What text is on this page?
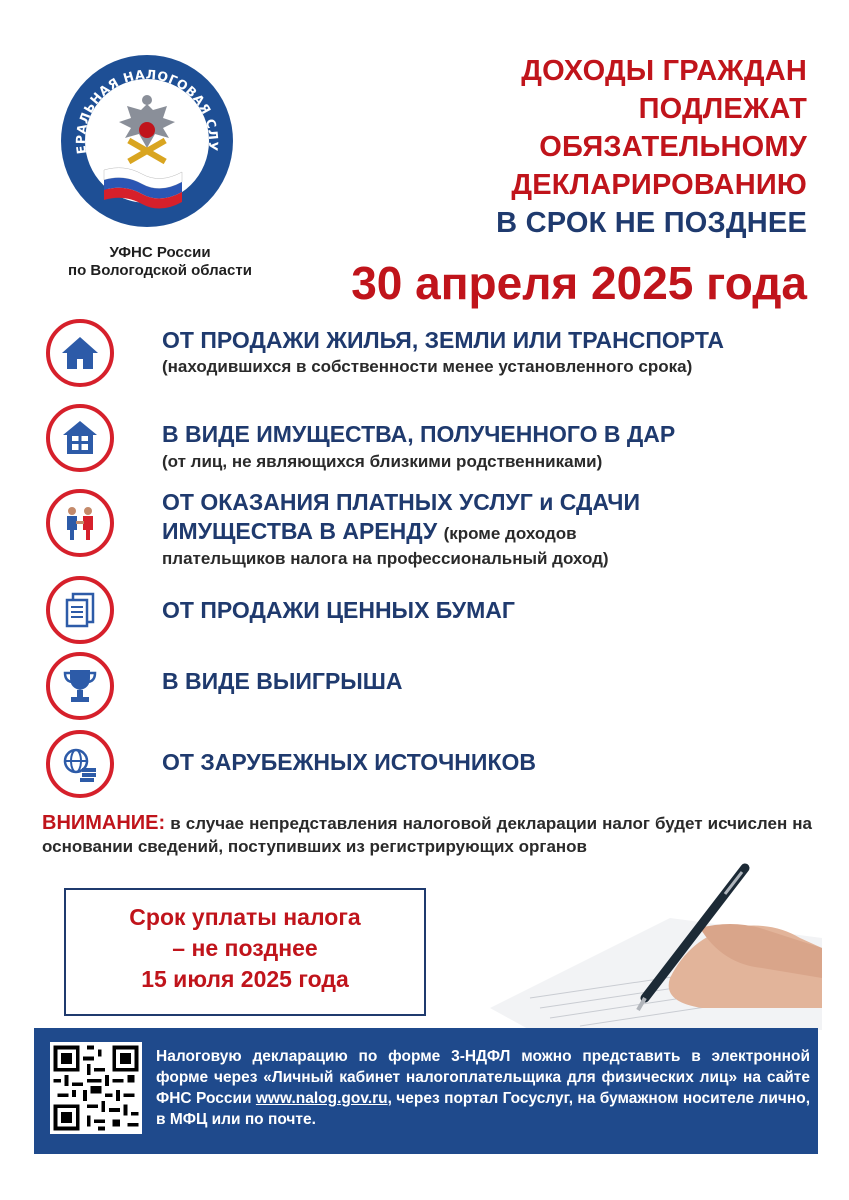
ЕРАЛЬНАЯ НАЛОГОВАЯ СЛУ
УФНС России
по Вологодской области
ДОХОДЫ ГРАЖДАН
ПОДЛЕЖАТ
ОБЯЗАТЕЛЬНОМУ
ДЕКЛАРИРОВАНИЮ
В СРОК НЕ ПОЗДНЕЕ
30 апреля 2025 года
ОТ ПРОДАЖИ ЖИЛЬЯ, ЗЕМЛИ ИЛИ ТРАНСПОРТА
(находившихся в собственности менее установленного срока)
В ВИДЕ ИМУЩЕСТВА, ПОЛУЧЕННОГО В ДАР
(от лиц, не являющихся близкими родственниками)
ОТ ОКАЗАНИЯ ПЛАТНЫХ УСЛУГ и СДАЧИ
ИМУЩЕСТВА В АРЕНДУ (кроме доходов
плательщиков налога на профессиональный доход)
ОТ ПРОДАЖИ ЦЕННЫХ БУМАГ
В ВИДЕ ВЫИГРЫША
ОТ ЗАРУБЕЖНЫХ ИСТОЧНИКОВ
ВНИМАНИЕ: в случае непредставления налоговой декларации налог будет исчислен на основании сведений, поступивших из регистрирующих органов
Срок уплаты налога
– не позднее
15 июля 2025 года
Налоговую декларацию по форме 3-НДФЛ можно представить в электронной форме через «Личный кабинет налогоплательщика для физических лиц» на сайте ФНС России www.nalog.gov.ru, через портал Госуслуг, на бумажном носителе лично, в МФЦ или по почте.
